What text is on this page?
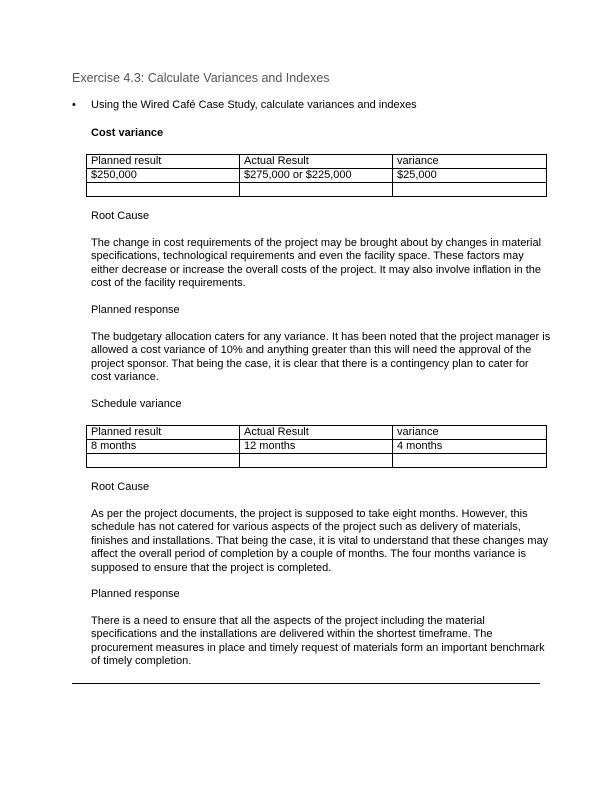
Exercise 4.3: Calculate Variances and Indexes
• Using the Wired Café Case Study, calculate variances and indexes
Cost variance
Planned result	Actual Result	variance
$250,000	$275,000 or $225,000	$25,000

Root Cause
The change in cost requirements of the project may be brought about by changes in material specifications, technological requirements and even the facility space. These factors may either decrease or increase the overall costs of the project. It may also involve inflation in the cost of the facility requirements.
Planned response
The budgetary allocation caters for any variance. It has been noted that the project manager is allowed a cost variance of 10% and anything greater than this will need the approval of the project sponsor. That being the case, it is clear that there is a contingency plan to cater for cost variance.
Schedule variance
Planned result	Actual Result	variance
8 months	12 months	4 months

Root Cause
As per the project documents, the project is supposed to take eight months. However, this schedule has not catered for various aspects of the project such as delivery of materials, finishes and installations. That being the case, it is vital to understand that these changes may affect the overall period of completion by a couple of months. The four months variance is supposed to ensure that the project is completed.
Planned response
There is a need to ensure that all the aspects of the project including the material specifications and the installations are delivered within the shortest timeframe. The procurement measures in place and timely request of materials form an important benchmark of timely completion.
